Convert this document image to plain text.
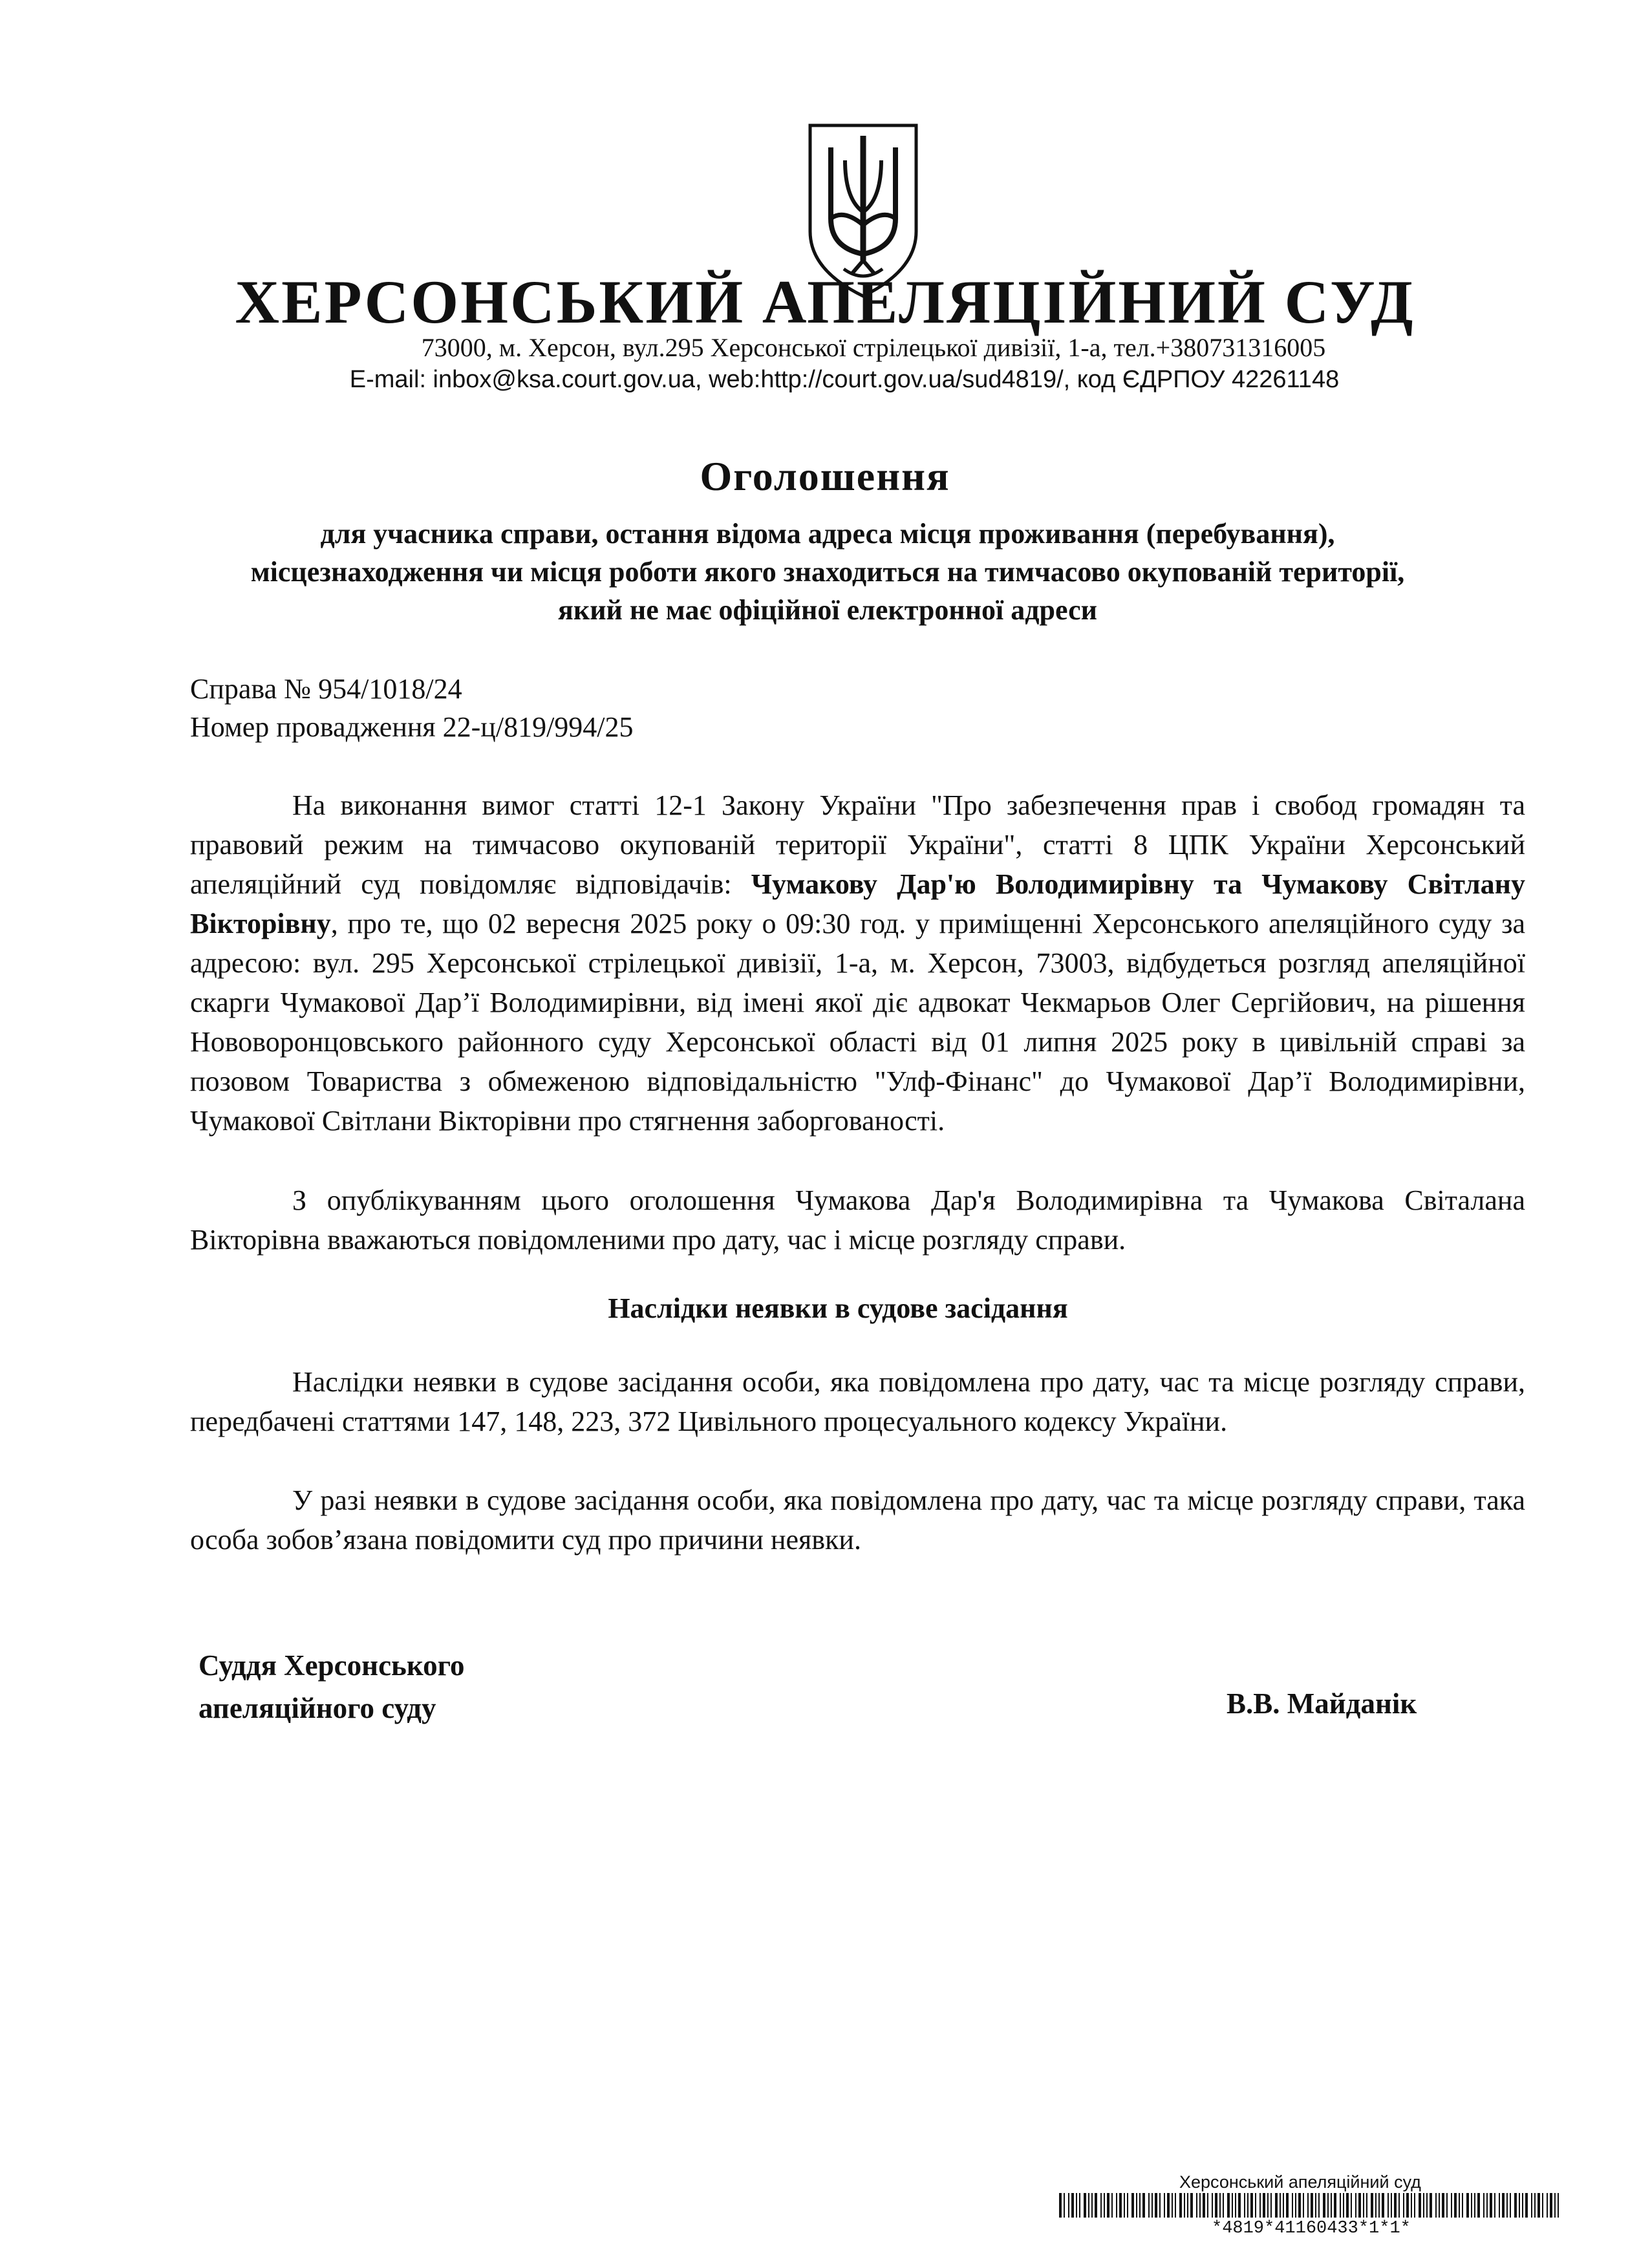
ХЕРСОНСЬКИЙ АПЕЛЯЦІЙНИЙ СУД
73000, м. Херсон, вул.295 Херсонської стрілецької дивізії, 1-а, тел.+380731316005
E-mail: inbox@ksa.court.gov.ua, web:http://court.gov.ua/sud4819/, код ЄДРПОУ 42261148
Оголошення
для учасника справи, остання відома адреса місця проживання (перебування),
місцезнаходження чи місця роботи якого знаходиться на тимчасово окупованій території,
який не має офіційної електронної адреси
Справа № 954/1018/24
Номер провадження 22-ц/819/994/25

На виконання вимог статті 12-1 Закону України "Про забезпечення прав і свобод громадян та правовий режим на тимчасово окупованій території України", статті 8 ЦПК України Херсонський апеляційний суд повідомляє відповідачів: Чумакову Дар'ю Володимирівну та Чумакову Світлану Вікторівну, про те, що 02 вересня 2025 року о 09:30 год. у приміщенні Херсонського апеляційного суду за адресою: вул. 295 Херсонської стрілецької дивізії, 1-а, м. Херсон, 73003, відбудеться розгляд апеляційної скарги Чумакової Дар’ї Володимирівни, від імені якої діє адвокат Чекмарьов Олег Сергійович, на рішення Нововоронцовського районного суду Херсонської області від 01 липня 2025 року в цивільній справі за позовом Товариства з обмеженою відповідальністю "Улф-Фінанс" до Чумакової Дар’ї Володимирівни, Чумакової Світлани Вікторівни про стягнення заборгованості.

З опублікуванням цього оголошення Чумакова Дар'я Володимирівна та Чумакова Світалана Вікторівна вважаються повідомленими про дату, час і місце розгляду справи.

Наслідки неявки в судове засідання

Наслідки неявки в судове засідання особи, яка повідомлена про дату, час та місце розгляду справи, передбачені статтями 147, 148, 223, 372 Цивільного процесуального кодексу України.

У разі неявки в судове засідання особи, яка повідомлена про дату, час та місце розгляду справи, така особа зобов’язана повідомити суд про причини неявки.

Суддя Херсонського
апеляційного суду	В.В. Майданік
Херсонський апеляційний суд
*4819*41160433*1*1*
